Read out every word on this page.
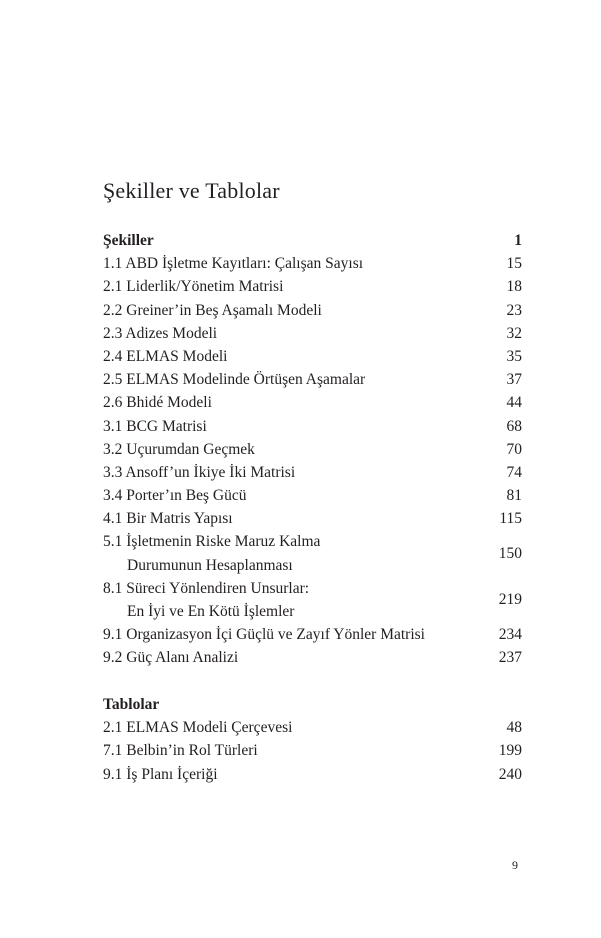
Şekiller ve Tablolar
Şekiller	1
1.1 ABD İşletme Kayıtları: Çalışan Sayısı	15
2.1 Liderlik/Yönetim Matrisi	18
2.2 Greiner’in Beş Aşamalı Modeli	23
2.3 Adizes Modeli	32
2.4 ELMAS Modeli	35
2.5 ELMAS Modelinde Örtüşen Aşamalar	37
2.6 Bhidé Modeli	44
3.1 BCG Matrisi	68
3.2 Uçurumdan Geçmek	70
3.3 Ansoff’un İkiye İki Matrisi	74
3.4 Porter’ın Beş Gücü	81
4.1 Bir Matris Yapısı	115
5.1 İşletmenin Riske Maruz Kalma
Durumunun Hesaplanması
150
8.1 Süreci Yönlendiren Unsurlar:
En İyi ve En Kötü İşlemler
219
9.1 Organizasyon İçi Güçlü ve Zayıf Yönler Matrisi	234
9.2 Güç Alanı Analizi	237
Tablolar
2.1 ELMAS Modeli Çerçevesi	48
7.1 Belbin’in Rol Türleri	199
9.1 İş Planı İçeriği	240
9
